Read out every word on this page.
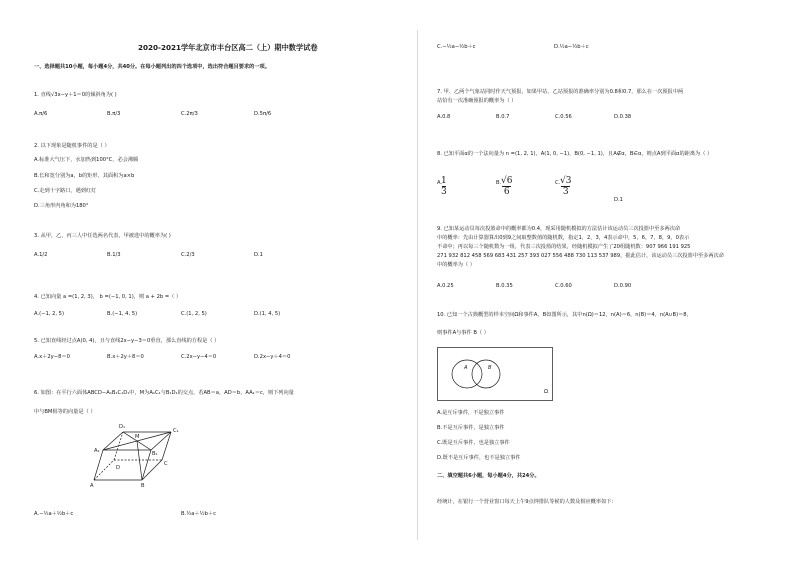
2020-2021学年北京市丰台区高二（上）期中数学试卷
一、选择题共10小题，每小题4分，共40分。在每小题列出的四个选项中，选出符合题目要求的一项。
1. 直线√3x−y＋1＝0的倾斜角为( )
A.π/6	B.π/3	C.2π/3	D.5π/6
2. 以下现象是随机事件的是（ ）
A.标准大气压下，水加热到100°C，必会沸腾
B.长和宽分别为a，b的矩形，其面积为a×b
C.走到十字路口，遇到红灯
D.三角形内角和为180°
3. 从甲，乙，丙三人中任选两名代表，甲被选中的概率为( )
A.1/2	B.1/3	C.2/3	D.1
4. 已知向量 a =(1, 2, 3)， b =(−1, 0, 1)，则 a + 2b =（ ）
A.(−1, 2, 5)	B.(−1, 4, 5)	C.(1, 2, 5)	D.(1, 4, 5)
5. 已知直线经过点A(0, 4)，且与直线2x−y−3＝0垂直，那么直线的方程是（ ）
A.x＋2y−8＝0	B.x＋2y＋8＝0	C.2x−y−4＝0	D.2x−y＋4＝0
6. 如图：在平行六面体ABCD−A₁B₁C₁D₁中，M为A₁C₁与B₁D₁的交点，若AB＝a，AD＝b，AA₁＝c，则下列向量
中与BM相等的向量是（ ）
D₁
C₁
A₁	B₁
M
D
C
A	B
A.−½a＋½b＋c	B.½a＋½b＋c
C.−½a−½b＋c	D.½a−½b＋c
7. 甲、乙两个气象站同时作天气预报，如果甲站、乙站预报的准确率分别为0.8和0.7，那么在一次预报中两
站恰有一次准确预报的概率为（ ）
A.0.8	B.0.7	C.0.56	D.0.38
8. 已知平面α的一个法向量为 n =(1, 2, 1)，A(1, 0, −1)，B(0, −1, 1)，且A∉α，B∈α，则点A到平面α的距离为（ ）
A.
1
3
B. √6
6
C. √3
3
D.1
9. 已知某运动员每次投篮命中的概率都为0.4，现采用随机模拟的方法估计该运动员三次投篮中至多两次命
中的概率：先由计算器算出0到9之间取整数值的随机数，指定1，2，3，4表示命中，5，6，7，8，9，0表示
不命中；再以每三个随机数为一组，代表三次投篮的结果，经随机模拟产生了20组随机数：907 966 191 925
271 932 812 458 569 683 431 257 393 027 556 488 730 113 537 989，据此估计，该运动员三次投篮中至多两次命
中的概率为（ ）
A.0.25	B.0.35	C.0.60	D.0.90
10. 已知一个古典概型的样本空间Ω和事件A，B如图所示，其中n(Ω)＝12，n(A)＝6，n(B)＝4，n(A∪B)＝8，
则事件A与事件 B（ ）
A	B
Ω
A.是互斥事件，不是独立事件
B.不是互斥事件，是独立事件
C.既是互斥事件，也是独立事件
D.既不是互斥事件，也不是独立事件
二、填空题共6小题，每小题4分，共24分。
经统计，在银行一个营业窗口每天上午9点钟排队等候的人数及相应概率如下：
